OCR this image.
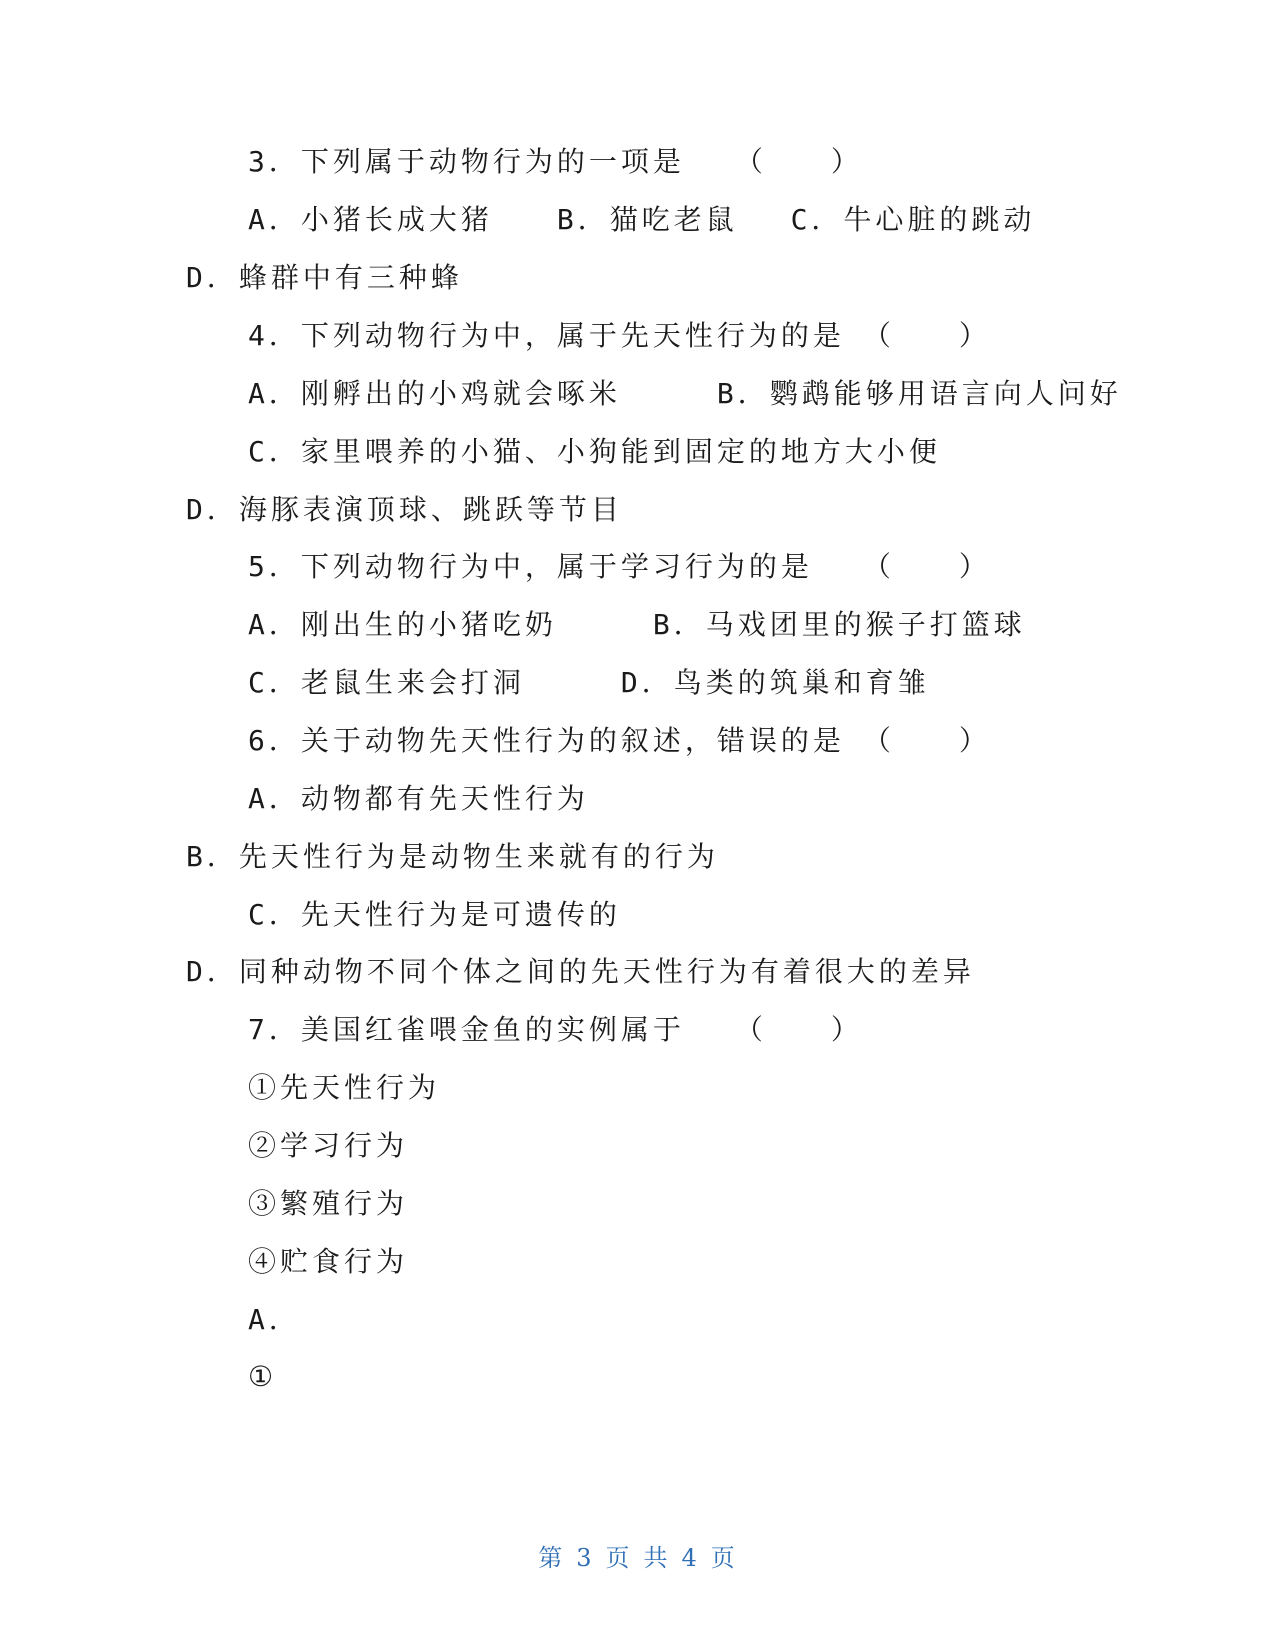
3．下列属于动物行为的一项是　　（　　）
A．小猪长成大猪　　B．猫吃老鼠　 C．牛心脏的跳动
D．蜂群中有三种蜂
4．下列动物行为中，属于先天性行为的是　（　　）
A．刚孵出的小鸡就会啄米　　　B．鹦鹉能够用语言向人问好
C．家里喂养的小猫、小狗能到固定的地方大小便
D．海豚表演顶球、跳跃等节目
5．下列动物行为中，属于学习行为的是　　（　　）
A．刚出生的小猪吃奶　　　B．马戏团里的猴子打篮球
C．老鼠生来会打洞　　　D．鸟类的筑巢和育雏
6．关于动物先天性行为的叙述，错误的是　（　　）
A．动物都有先天性行为
B．先天性行为是动物生来就有的行为
C．先天性行为是可遗传的
D．同种动物不同个体之间的先天性行为有着很大的差异
7．美国红雀喂金鱼的实例属于　　（　　）
①先天性行为
②学习行为
③繁殖行为
④贮食行为
A．
①
第 3 页 共 4 页
